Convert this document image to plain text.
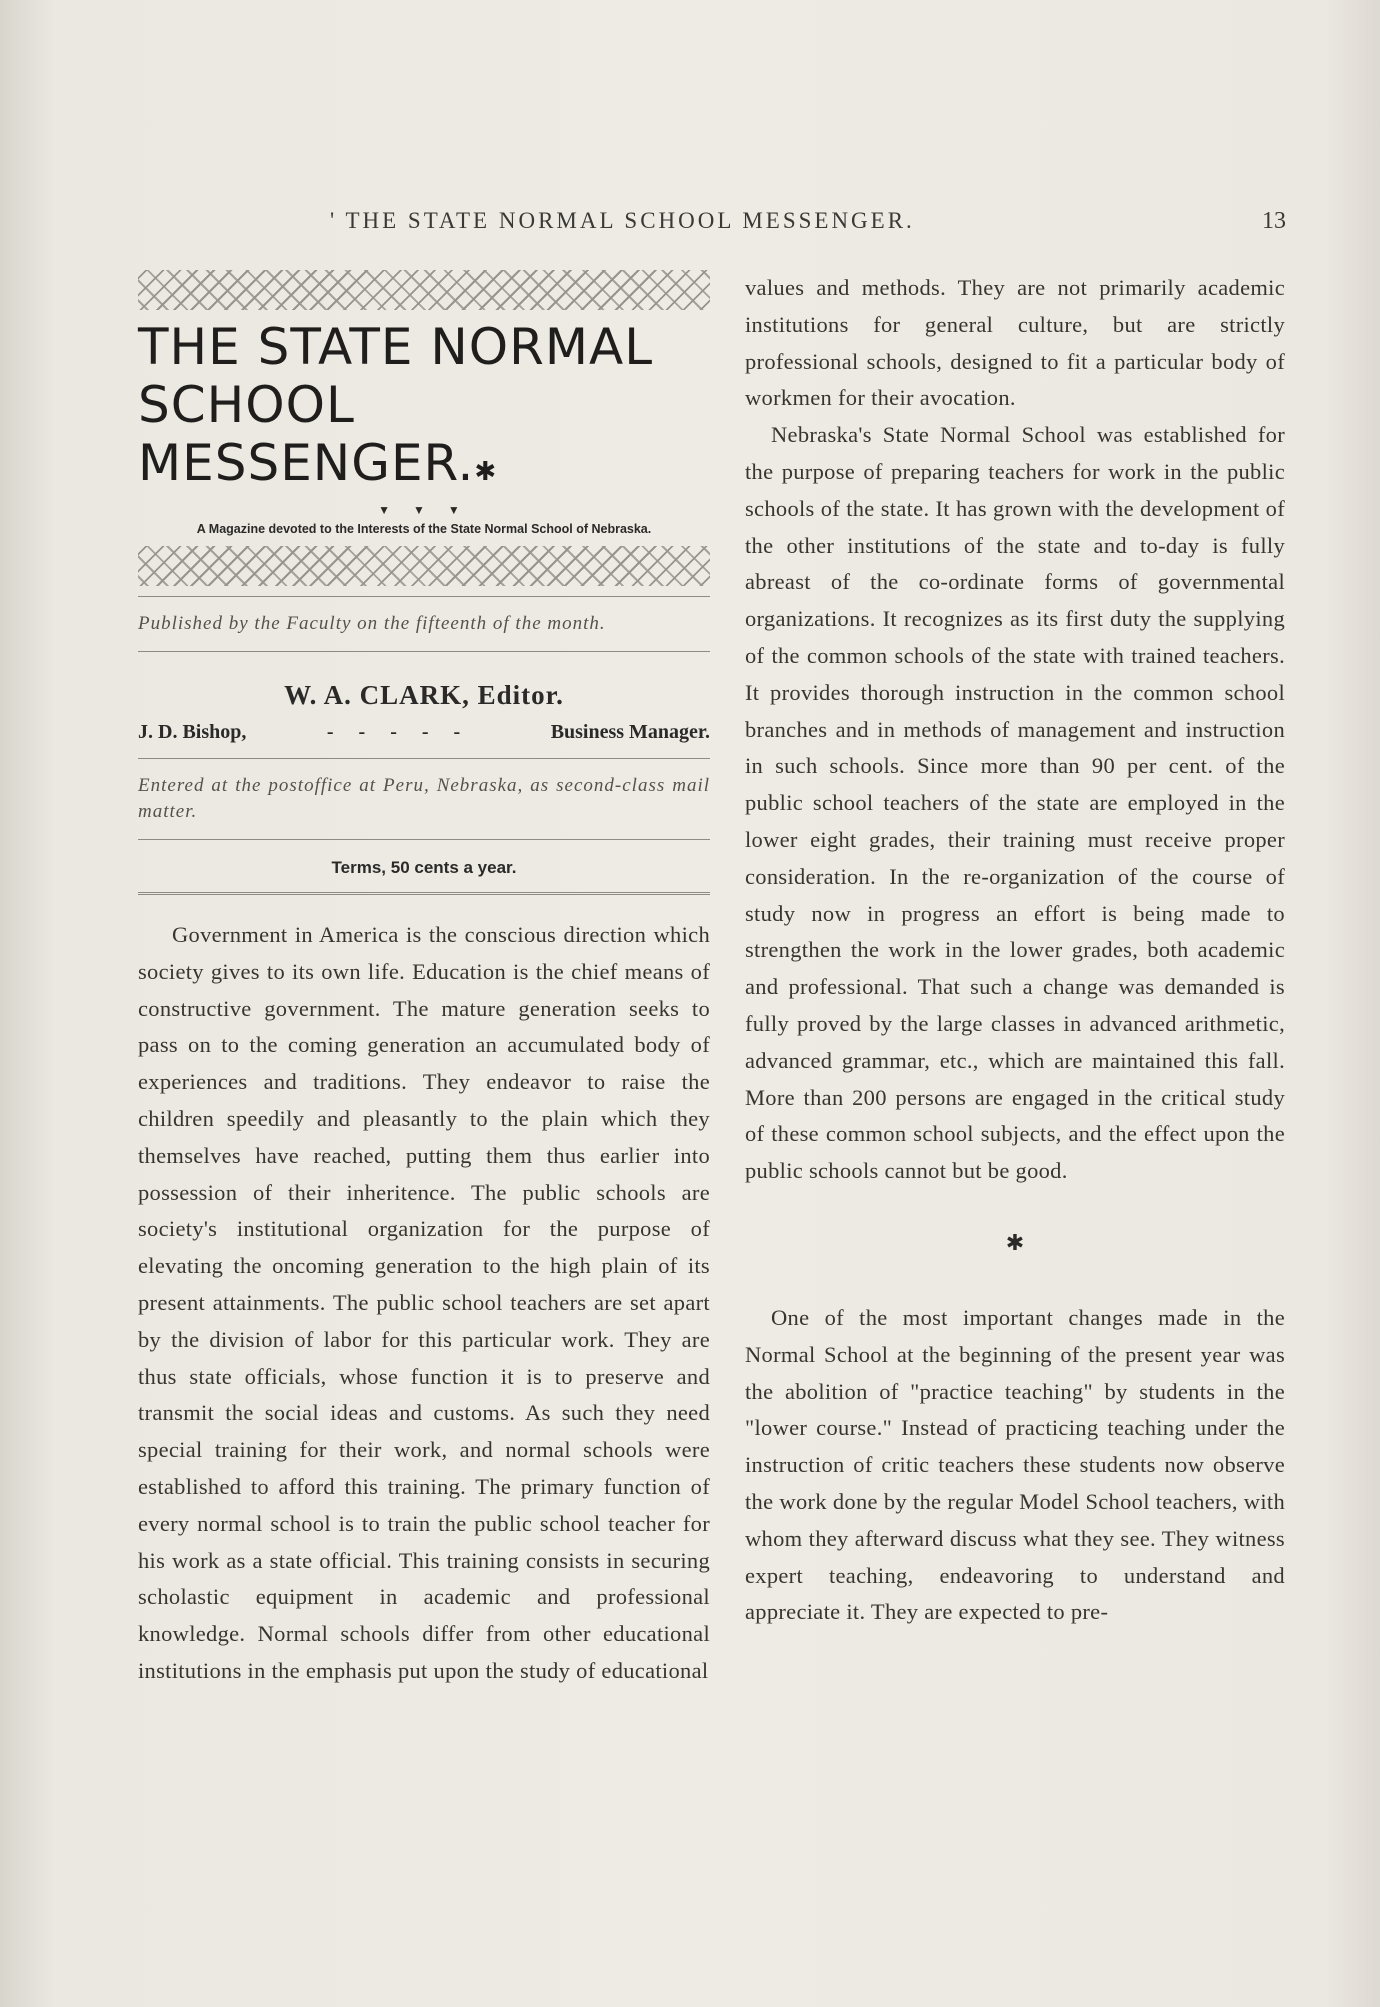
' THE STATE NORMAL SCHOOL MESSENGER.	13
THE STATE NORMAL
SCHOOL MESSENGER.✱
▼ ▼ ▼
A Magazine devoted to the Interests of the State Normal School of Nebraska.
Published by the Faculty on the fifteenth of the month.
W. A. CLARK, Editor.
J. D. Bishop,	- - - - -	Business Manager.
Entered at the postoffice at Peru, Nebraska, as second-class mail matter.
Terms, 50 cents a year.

Government in America is the conscious direction which society gives to its own life. Education is the chief means of constructive government. The mature generation seeks to pass on to the coming generation an accumulated body of experiences and traditions. They endeavor to raise the children speedily and pleasantly to the plain which they themselves have reached, putting them thus earlier into possession of their inheritence. The public schools are society's institutional organization for the purpose of elevating the oncoming generation to the high plain of its present attainments. The public school teachers are set apart by the division of labor for this particular work. They are thus state officials, whose function it is to preserve and transmit the social ideas and customs. As such they need special training for their work, and normal schools were established to afford this training. The primary function of every normal school is to train the public school teacher for his work as a state official. This training consists in securing scholastic equipment in academic and professional knowledge. Normal schools differ from other educational institutions in the emphasis put upon the study of educational

values and methods. They are not primarily academic institutions for general culture, but are strictly professional schools, designed to fit a particular body of workmen for their avocation.

Nebraska's State Normal School was established for the purpose of preparing teachers for work in the public schools of the state. It has grown with the development of the other institutions of the state and to-day is fully abreast of the co-ordinate forms of governmental organizations. It recognizes as its first duty the supplying of the common schools of the state with trained teachers. It provides thorough instruction in the common school branches and in methods of management and instruction in such schools. Since more than 90 per cent. of the public school teachers of the state are employed in the lower eight grades, their training must receive proper consideration. In the re-organization of the course of study now in progress an effort is being made to strengthen the work in the lower grades, both academic and professional. That such a change was demanded is fully proved by the large classes in advanced arithmetic, advanced grammar, etc., which are maintained this fall. More than 200 persons are engaged in the critical study of these common school subjects, and the effect upon the public schools cannot but be good.

✱

One of the most important changes made in the Normal School at the beginning of the present year was the abolition of "practice teaching" by students in the "lower course." Instead of practicing teaching under the instruction of critic teachers these students now observe the work done by the regular Model School teachers, with whom they afterward discuss what they see. They witness expert teaching, endeavoring to understand and appreciate it. They are expected to pre-
